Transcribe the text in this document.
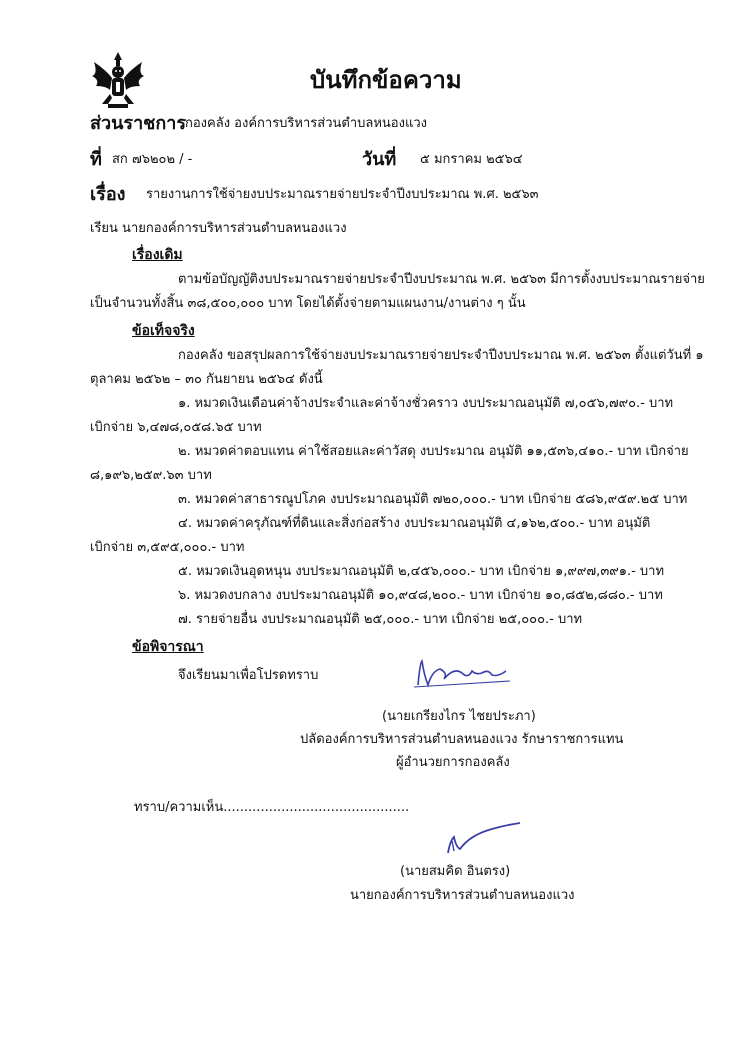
บันทึกข้อความ
ส่วนราชการ
กองคลัง องค์การบริหารส่วนตำบลหนองแวง
ที่ สก ๗๖๒๐๒ / -	วันที่ ๕ มกราคม ๒๕๖๔
เรื่อง รายงานการใช้จ่ายงบประมาณรายจ่ายประจำปีงบประมาณ พ.ศ. ๒๕๖๓
เรียน นายกองค์การบริหารส่วนตำบลหนองแวง
เรื่องเดิม
ตามข้อบัญญัติงบประมาณรายจ่ายประจำปีงบประมาณ พ.ศ. ๒๕๖๓ มีการตั้งงบประมาณรายจ่าย
เป็นจำนวนทั้งสิ้น ๓๘,๕๐๐,๐๐๐ บาท โดยได้ตั้งจ่ายตามแผนงาน/งานต่าง ๆ นั้น
ข้อเท็จจริง
กองคลัง ขอสรุปผลการใช้จ่ายงบประมาณรายจ่ายประจำปีงบประมาณ พ.ศ. ๒๕๖๓ ตั้งแต่วันที่ ๑
ตุลาคม ๒๕๖๒ – ๓๐ กันยายน ๒๕๖๔ ดังนี้
๑. หมวดเงินเดือนค่าจ้างประจำและค่าจ้างชั่วคราว งบประมาณอนุมัติ ๗,๐๕๖,๗๙๐.- บาท
เบิกจ่าย ๖,๔๗๘,๐๕๘.๖๕ บาท
๒. หมวดค่าตอบแทน ค่าใช้สอยและค่าวัสดุ งบประมาณ อนุมัติ ๑๑,๕๓๖,๔๑๐.- บาท เบิกจ่าย
๘,๑๙๖,๒๕๙.๖๓ บาท
๓. หมวดค่าสาธารณูปโภค งบประมาณอนุมัติ ๗๒๐,๐๐๐.- บาท เบิกจ่าย ๕๘๖,๙๕๙.๒๕ บาท
๔. หมวดค่าครุภัณฑ์ที่ดินและสิ่งก่อสร้าง งบประมาณอนุมัติ ๔,๑๖๒,๕๐๐.- บาท อนุมัติ
เบิกจ่าย ๓,๕๙๕,๐๐๐.- บาท
๕. หมวดเงินอุดหนุน งบประมาณอนุมัติ ๒,๔๕๖,๐๐๐.- บาท เบิกจ่าย ๑,๙๙๗,๓๙๑.- บาท
๖. หมวดงบกลาง งบประมาณอนุมัติ ๑๐,๙๔๘,๒๐๐.- บาท เบิกจ่าย ๑๐,๘๕๒,๘๘๐.- บาท
๗. รายจ่ายอื่น งบประมาณอนุมัติ ๒๕,๐๐๐.- บาท เบิกจ่าย ๒๕,๐๐๐.- บาท
ข้อพิจารณา
จึงเรียนมาเพื่อโปรดทราบ
(นายเกรียงไกร ไชยประภา)
ปลัดองค์การบริหารส่วนตำบลหนองแวง รักษาราชการแทน
ผู้อำนวยการกองคลัง
ทราบ/ความเห็น.............................................
(นายสมคิด อินตรง)
นายกองค์การบริหารส่วนตำบลหนองแวง
